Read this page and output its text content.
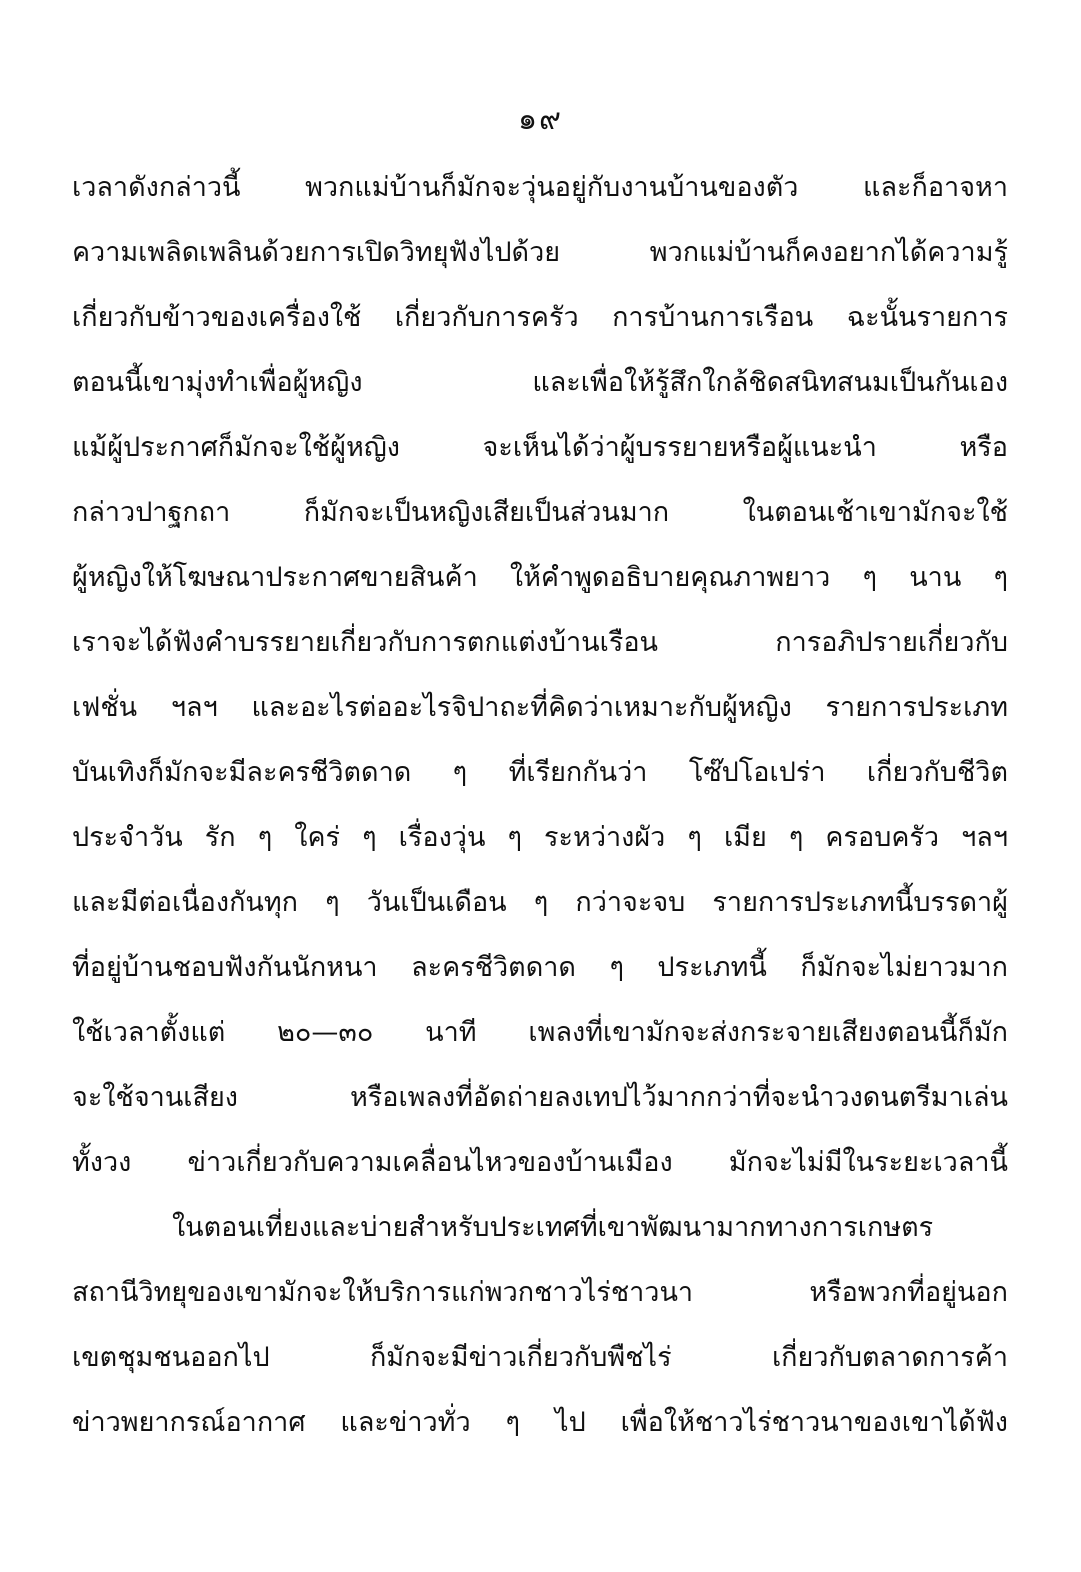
๑๙
เวลาดังกล่าวนี้ พวกแม่บ้านก็มักจะวุ่นอยู่กับงานบ้านของตัว และก็อาจหา
ความเพลิดเพลินด้วยการเปิดวิทยุฟังไปด้วย พวกแม่บ้านก็คงอยากได้ความรู้
เกี่ยวกับข้าวของเครื่องใช้ เกี่ยวกับการครัว การบ้านการเรือน ฉะนั้นรายการ
ตอนนี้เขามุ่งทำเพื่อผู้หญิง และเพื่อให้รู้สึกใกล้ชิดสนิทสนมเป็นกันเอง
แม้ผู้ประกาศก็มักจะใช้ผู้หญิง จะเห็นได้ว่าผู้บรรยายหรือผู้แนะนำ หรือ
กล่าวปาฐกถา ก็มักจะเป็นหญิงเสียเป็นส่วนมาก ในตอนเช้าเขามักจะใช้
ผู้หญิงให้โฆษณาประกาศขายสินค้า ให้คำพูดอธิบายคุณภาพยาว ๆ นาน ๆ
เราจะได้ฟังคำบรรยายเกี่ยวกับการตกแต่งบ้านเรือน การอภิปรายเกี่ยวกับ
เฟชั่น ฯลฯ และอะไรต่ออะไรจิปาถะที่คิดว่าเหมาะกับผู้หญิง รายการประเภท
บันเทิงก็มักจะมีละครชีวิตดาด ๆ ที่เรียกกันว่า โซ๊ปโอเปร่า เกี่ยวกับชีวิต
ประจำวัน รัก ๆ ใคร่ ๆ เรื่องวุ่น ๆ ระหว่างผัว ๆ เมีย ๆ ครอบครัว ฯลฯ
และมีต่อเนื่องกันทุก ๆ วันเป็นเดือน ๆ กว่าจะจบ รายการประเภทนี้บรรดาผู้
ที่อยู่บ้านชอบฟังกันนักหนา ละครชีวิตดาด ๆ ประเภทนี้ ก็มักจะไม่ยาวมาก
ใช้เวลาตั้งแต่ ๒๐—๓๐ นาที เพลงที่เขามักจะส่งกระจายเสียงตอนนี้ก็มัก
จะใช้จานเสียง หรือเพลงที่อัดถ่ายลงเทปไว้มากกว่าที่จะนำวงดนตรีมาเล่น
ทั้งวง ข่าวเกี่ยวกับความเคลื่อนไหวของบ้านเมือง มักจะไม่มีในระยะเวลานี้
ในตอนเที่ยงและบ่ายสำหรับประเทศที่เขาพัฒนามากทางการเกษตร
สถานีวิทยุของเขามักจะให้บริการแก่พวกชาวไร่ชาวนา หรือพวกที่อยู่นอก
เขตชุมชนออกไป ก็มักจะมีข่าวเกี่ยวกับพืชไร่ เกี่ยวกับตลาดการค้า
ข่าวพยากรณ์อากาศ และข่าวทั่ว ๆ ไป เพื่อให้ชาวไร่ชาวนาของเขาได้ฟัง
